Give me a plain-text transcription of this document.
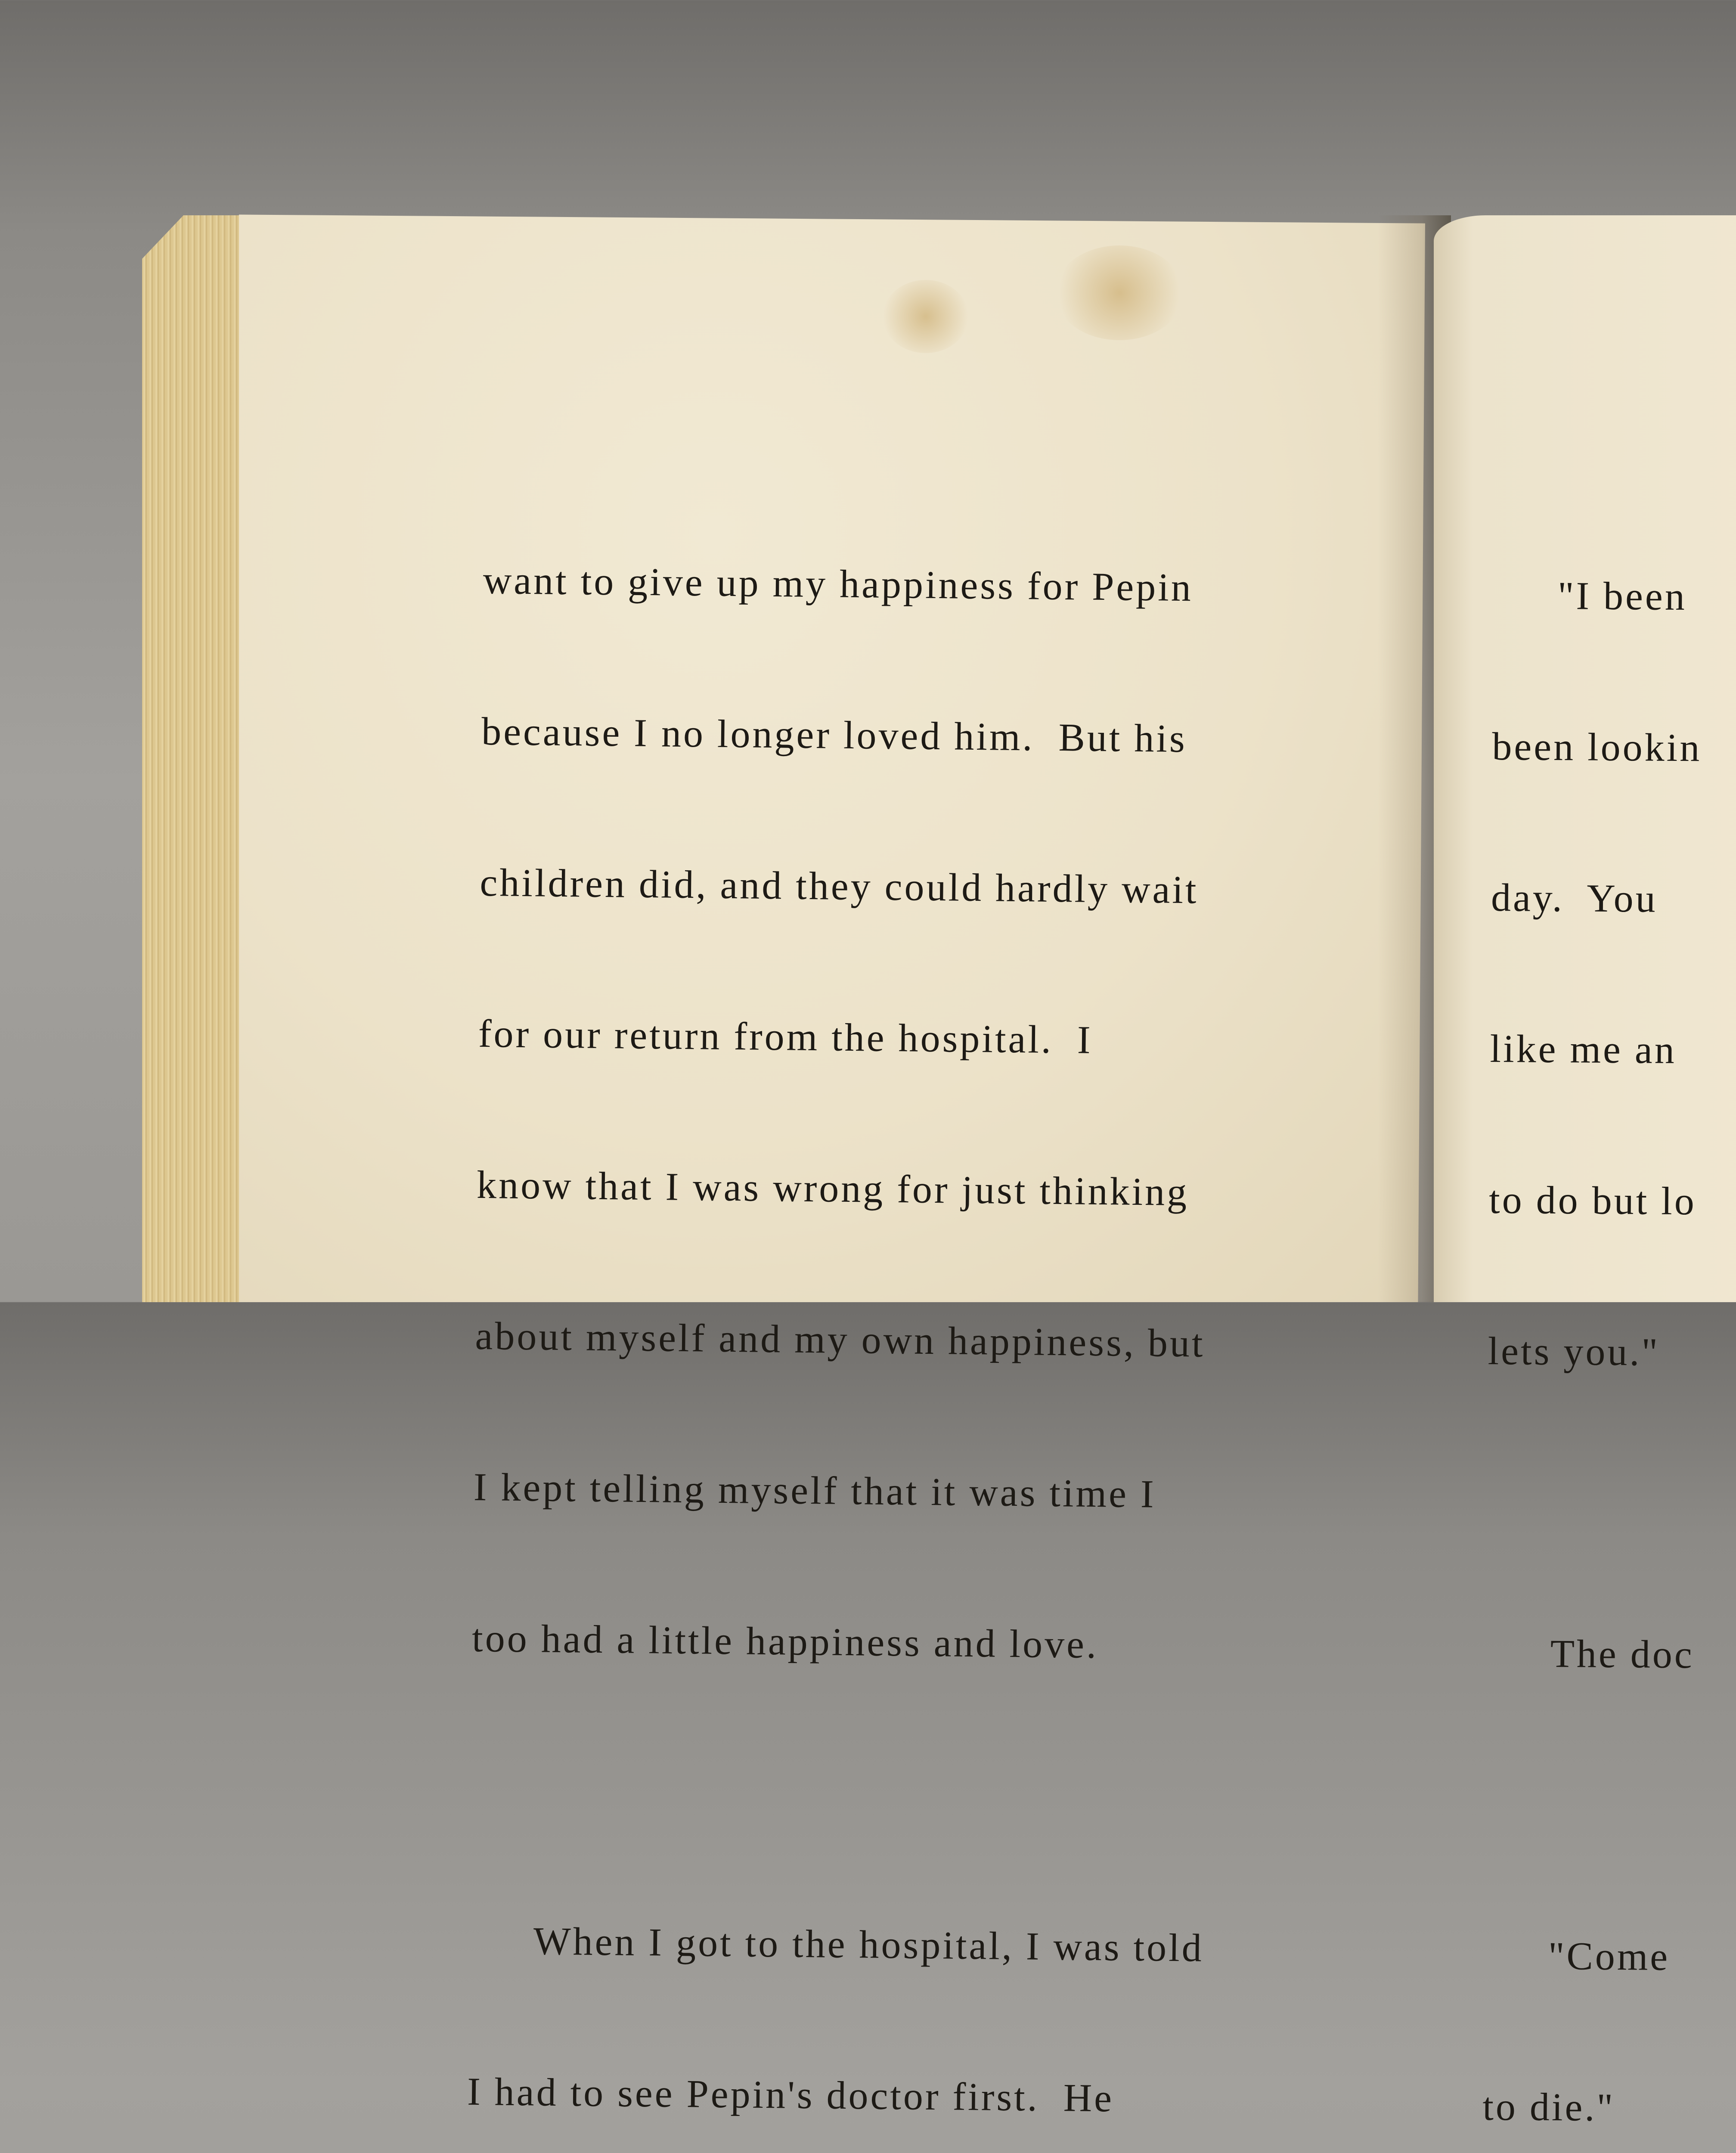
want to give up my happiness for Pepin

because I no longer loved him.  But his

children did, and they could hardly wait

for our return from the hospital.  I

know that I was wrong for just thinking

about myself and my own happiness, but

I kept telling myself that it was time I

too had a little happiness and love.

When I got to the hospital, I was told

I had to see Pepin's doctor first.  He

"I been

been lookin

day.  You

like me an

to do but lo

lets you."

The doc

"Come

to die."
